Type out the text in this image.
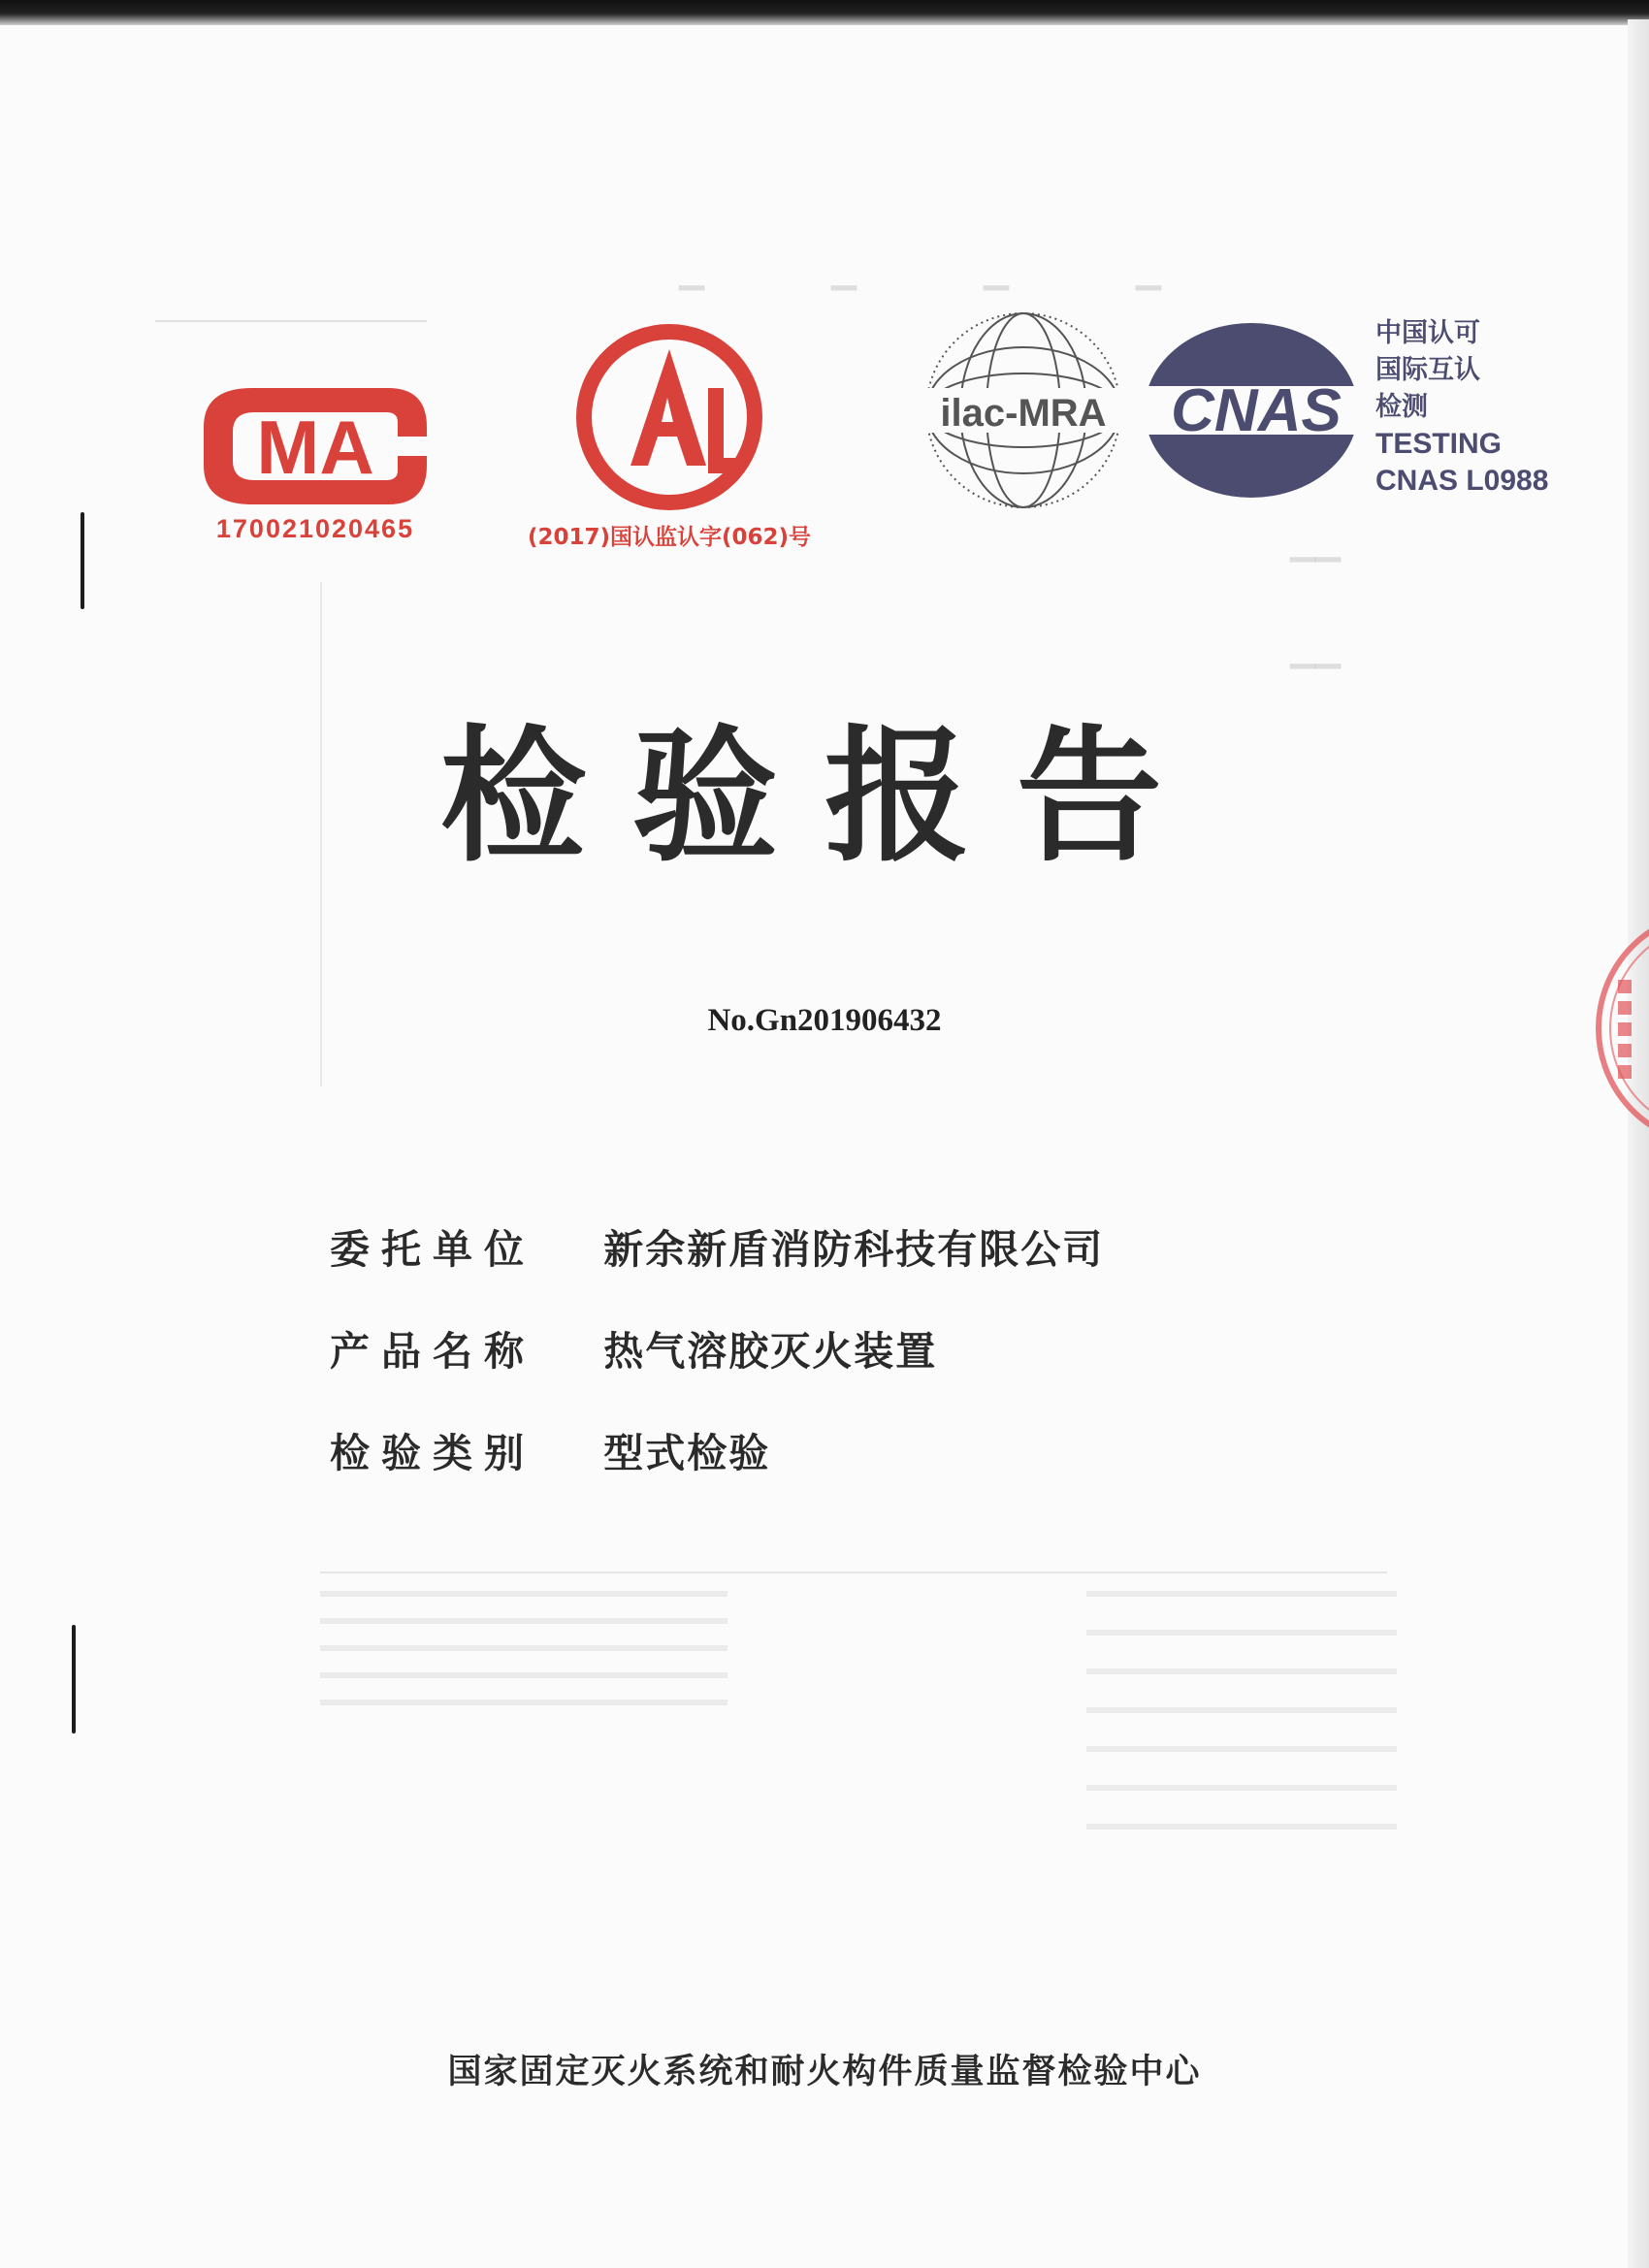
▁ ▁ ▁ ▁
▁▁
▁▁
MA
170021020465	(2017)国认监认字(062)号
ilac-MRA CNAS
中国认可
国际互认
检测
TESTING
CNAS L0988
检验报告
No.Gn201906432
委托单位 新余新盾消防科技有限公司
产品名称 热气溶胶灭火装置
检验类别 型式检验
国家固定灭火系统和耐火构件质量监督检验中心
